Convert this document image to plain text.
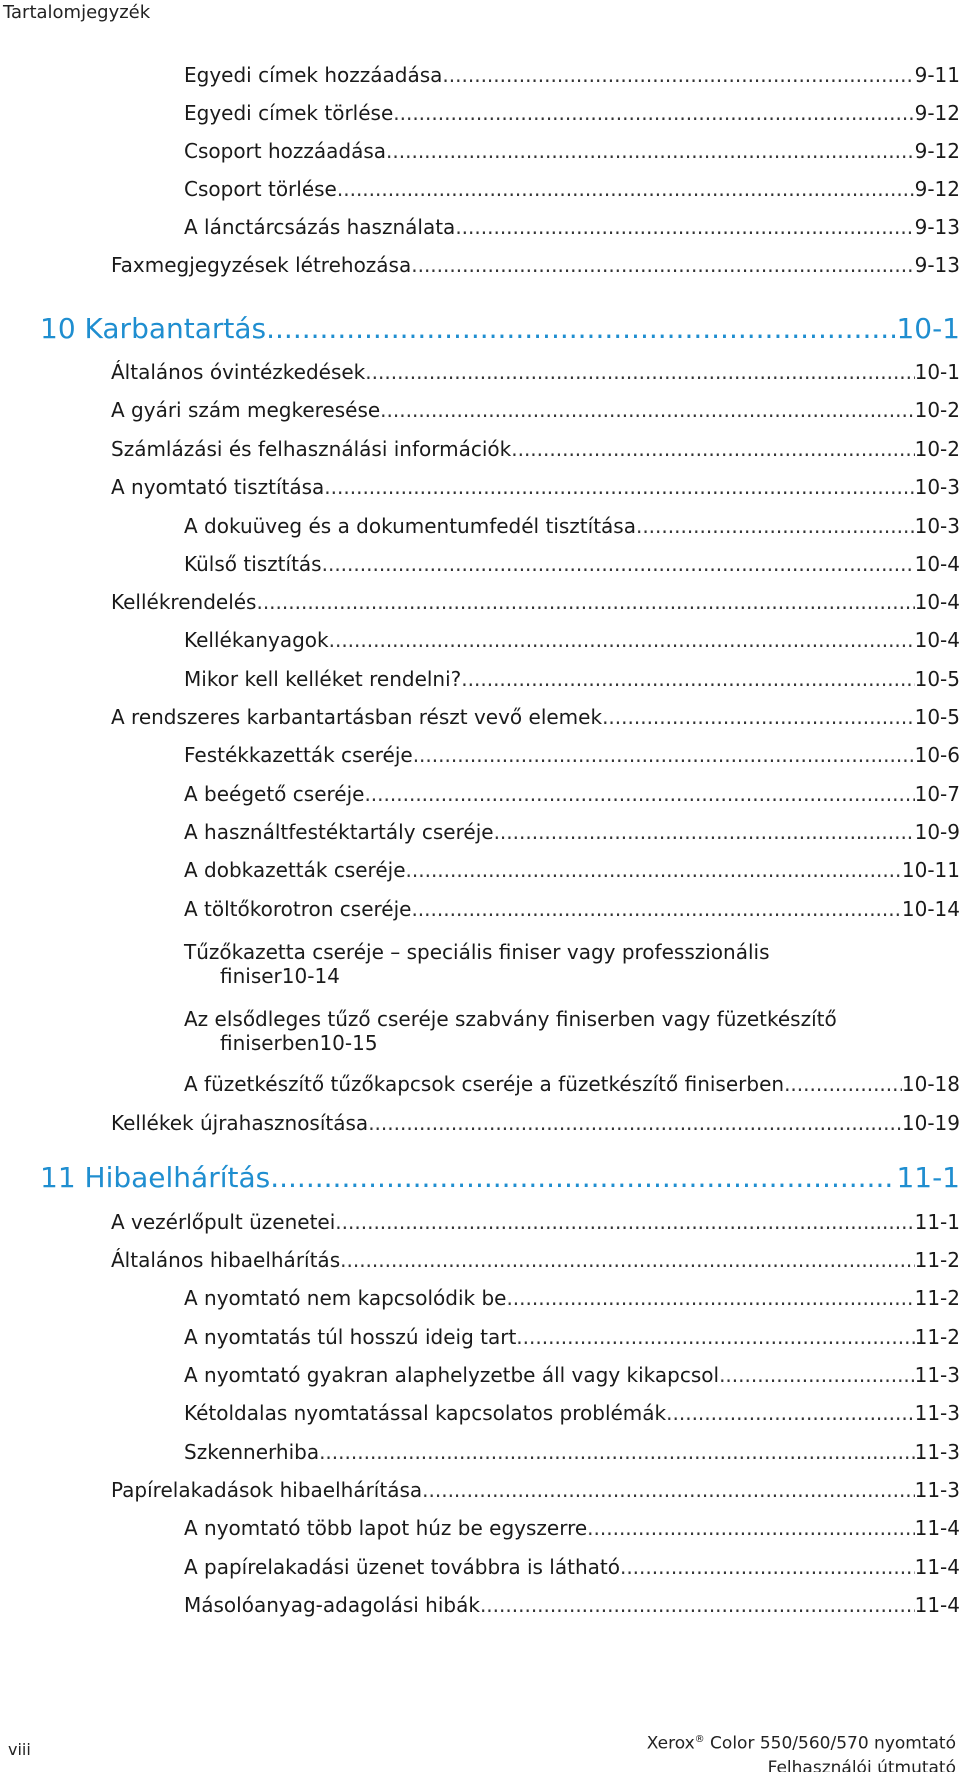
Tartalomjegyzék
Egyedi címek hozzáadása .....	9-11
Egyedi címek törlése .....	9-12
Csoport hozzáadása .....	9-12
Csoport törlése .....	9-12
A lánctárcsázás használata .....	9-13
Faxmegjegyzések létrehozása .....	9-13
10 Karbantartás .....	10-1
Általános óvintézkedések .....	10-1
A gyári szám megkeresése .....	10-2
Számlázási és felhasználási információk .....	10-2
A nyomtató tisztítása .....	10-3
A dokuüveg és a dokumentumfedél tisztítása .....	10-3
Külső tisztítás .....	10-4
Kellékrendelés .....	10-4
Kellékanyagok .....	10-4
Mikor kell kelléket rendelni? .....	10-5
A rendszeres karbantartásban részt vevő elemek .....	10-5
Festékkazetták cseréje .....	10-6
A beégető cseréje .....	10-7
A használtfestéktartály cseréje .....	10-9
A dobkazetták cseréje .....	10-11
A töltőkorotron cseréje .....	10-14
Tűzőkazetta cseréje – speciális finiser vagy professzionális
finiser 10-14
Az elsődleges tűző cseréje szabvány finiserben vagy füzetkészítő
finiserben 10-15
A füzetkészítő tűzőkapcsok cseréje a füzetkészítő finiserben .....	10-18
Kellékek újrahasznosítása .....	10-19
11 Hibaelhárítás .....	11-1
A vezérlőpult üzenetei .....	11-1
Általános hibaelhárítás .....	11-2
A nyomtató nem kapcsolódik be .....	11-2
A nyomtatás túl hosszú ideig tart .....	11-2
A nyomtató gyakran alaphelyzetbe áll vagy kikapcsol .....	11-3
Kétoldalas nyomtatással kapcsolatos problémák .....	11-3
Szkennerhiba .....	11-3
Papírelakadások hibaelhárítása .....	11-3
A nyomtató több lapot húz be egyszerre .....	11-4
A papírelakadási üzenet továbbra is látható .....	11-4
Másolóanyag-adagolási hibák .....	11-4
viii	Xerox® Color 550/560/570 nyomtató
Felhasználói útmutató
